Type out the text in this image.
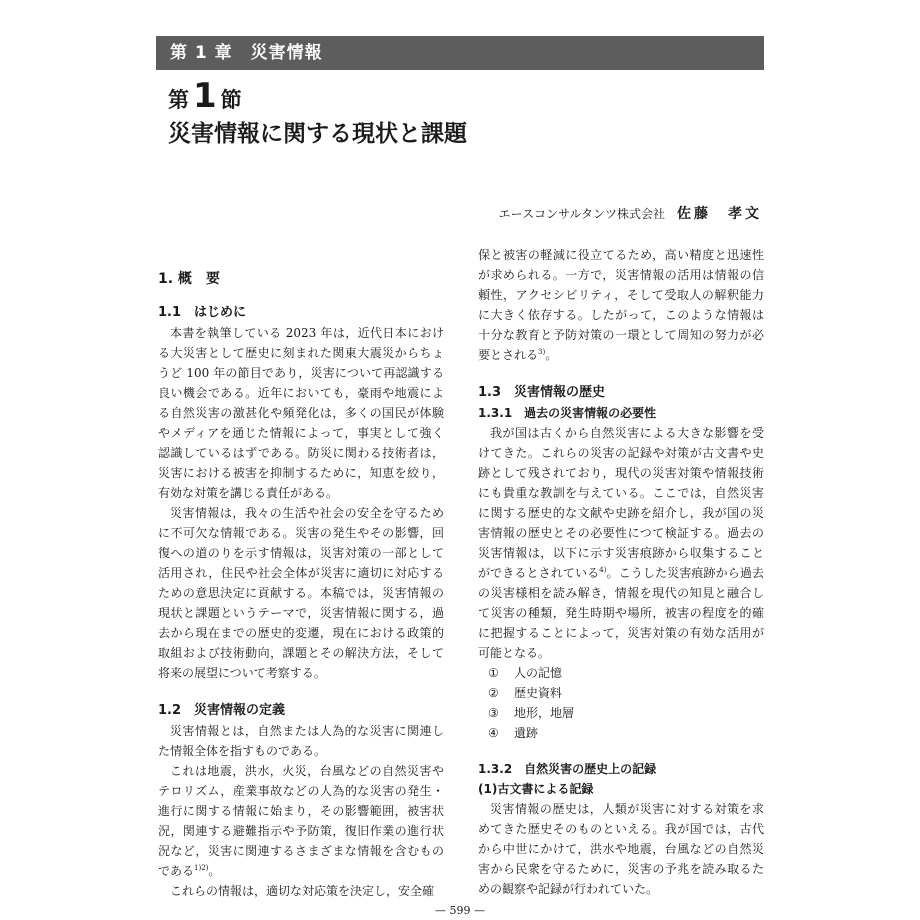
第 1 章　災害情報
第 1 節
災害情報に関する現状と課題
エースコンサルタンツ株式会社 佐藤　孝文
1. 概　要
1.1　はじめに

本書を執筆している 2023 年は，近代日本における大災害として歴史に刻まれた関東大震災からちょうど 100 年の節目であり，災害について再認識する良い機会である。近年においても，豪雨や地震による自然災害の激甚化や頻発化は，多くの国民が体験やメディアを通じた情報によって，事実として強く認識しているはずである。防災に関わる技術者は，災害における被害を抑制するために，知恵を絞り，有効な対策を講じる責任がある。

災害情報は，我々の生活や社会の安全を守るために不可欠な情報である。災害の発生やその影響，回復への道のりを示す情報は，災害対策の一部として活用され，住民や社会全体が災害に適切に対応するための意思決定に貢献する。本稿では，災害情報の現状と課題というテーマで，災害情報に関する，過去から現在までの歴史的変遷，現在における政策的取組および技術動向，課題とその解決方法，そして将来の展望について考察する。

1.2　災害情報の定義

災害情報とは，自然または人為的な災害に関連した情報全体を指すものである。

これは地震，洪水，火災，台風などの自然災害やテロリズム，産業事故などの人為的な災害の発生・進行に関する情報に始まり，その影響範囲，被害状況，関連する避難指示や予防策，復旧作業の進行状況など，災害に関連するさまざまな情報を含むものである$^{1)2)}$。

これらの情報は，適切な対応策を決定し，安全確

保と被害の軽減に役立てるため，高い精度と迅速性が求められる。一方で，災害情報の活用は情報の信頼性，アクセシビリティ，そして受取人の解釈能力に大きく依存する。したがって，このような情報は十分な教育と予防対策の一環として周知の努力が必要とされる$^{3)}$。

1.3　災害情報の歴史
1.3.1　過去の災害情報の必要性

我が国は古くから自然災害による大きな影響を受けてきた。これらの災害の記録や対策が古文書や史跡として残されており，現代の災害対策や情報技術にも貴重な教訓を与えている。ここでは，自然災害に関する歴史的な文献や史跡を紹介し，我が国の災害情報の歴史とその必要性につて検証する。過去の災害情報は，以下に示す災害痕跡から収集することができるとされている$^{4)}$。こうした災害痕跡から過去の災害様相を読み解き，情報を現代の知見と融合して災害の種類，発生時期や場所，被害の程度を的確に把握することによって，災害対策の有効な活用が可能となる。

① 人の記憶
② 歴史資料
③ 地形，地層
④ 遺跡
1.3.2　自然災害の歴史上の記録
(1)古文書による記録

災害情報の歴史は，人類が災害に対する対策を求めてきた歴史そのものといえる。我が国では，古代から中世にかけて，洪水や地震，台風などの自然災害から民衆を守るために，災害の予兆を読み取るための観察や記録が行われていた。

— 599 —
